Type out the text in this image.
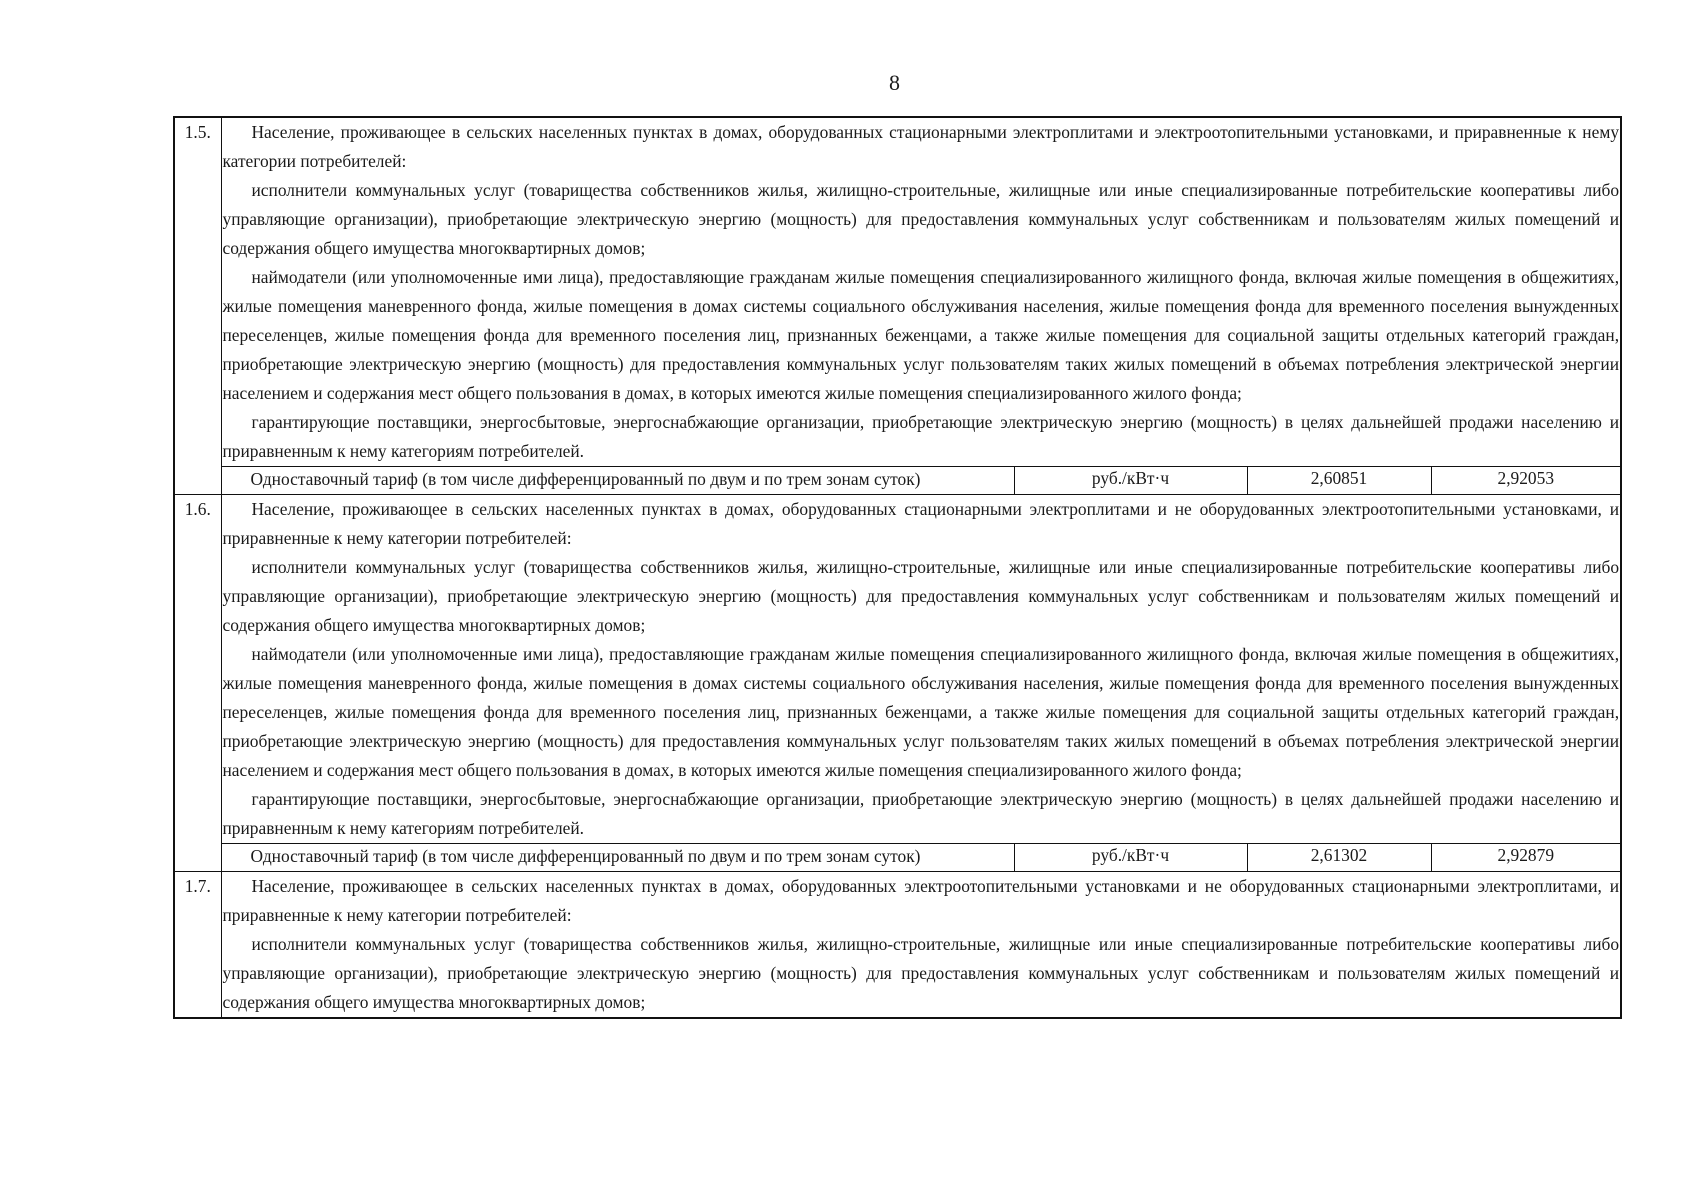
8
1.5.	Население, проживающее в сельских населенных пунктах в домах, оборудованных стационарными электроплитами и электроотопительными установками, и приравненные к нему категории потребителей:

исполнители коммунальных услуг (товарищества собственников жилья, жилищно-строительные, жилищные или иные специализированные потребительские кооперативы либо управляющие организации), приобретающие электрическую энергию (мощность) для предоставления коммунальных услуг собственникам и пользователям жилых помещений и содержания общего имущества многоквартирных домов;

наймодатели (или уполномоченные ими лица), предоставляющие гражданам жилые помещения специализированного жилищного фонда, включая жилые помещения в общежитиях, жилые помещения маневренного фонда, жилые помещения в домах системы социального обслуживания населения, жилые помещения фонда для временного поселения вынужденных переселенцев, жилые помещения фонда для временного поселения лиц, признанных беженцами, а также жилые помещения для социальной защиты отдельных категорий граждан, приобретающие электрическую энергию (мощность) для предоставления коммунальных услуг пользователям таких жилых помещений в объемах потребления электрической энергии населением и содержания мест общего пользования в домах, в которых имеются жилые помещения специализированного жилого фонда;

гарантирующие поставщики, энергосбытовые, энергоснабжающие организации, приобретающие электрическую энергию (мощность) в целях дальнейшей продажи населению и приравненным к нему категориям потребителей.			

	Одноставочный тариф (в том числе дифференцированный по двум и по трем зонам суток)	руб./кВт·ч	2,60851	2,92053
1.6.	Население, проживающее в сельских населенных пунктах в домах, оборудованных стационарными электроплитами и не оборудованных электроотопительными установками, и приравненные к нему категории потребителей:

исполнители коммунальных услуг (товарищества собственников жилья, жилищно-строительные, жилищные или иные специализированные потребительские кооперативы либо управляющие организации), приобретающие электрическую энергию (мощность) для предоставления коммунальных услуг собственникам и пользователям жилых помещений и содержания общего имущества многоквартирных домов;

наймодатели (или уполномоченные ими лица), предоставляющие гражданам жилые помещения специализированного жилищного фонда, включая жилые помещения в общежитиях, жилые помещения маневренного фонда, жилые помещения в домах системы социального обслуживания населения, жилые помещения фонда для временного поселения вынужденных переселенцев, жилые помещения фонда для временного поселения лиц, признанных беженцами, а также жилые помещения для социальной защиты отдельных категорий граждан, приобретающие электрическую энергию (мощность) для предоставления коммунальных услуг пользователям таких жилых помещений в объемах потребления электрической энергии населением и содержания мест общего пользования в домах, в которых имеются жилые помещения специализированного жилого фонда;

гарантирующие поставщики, энергосбытовые, энергоснабжающие организации, приобретающие электрическую энергию (мощность) в целях дальнейшей продажи населению и приравненным к нему категориям потребителей.			

	Одноставочный тариф (в том числе дифференцированный по двум и по трем зонам суток)	руб./кВт·ч	2,61302	2,92879
1.7.	Население, проживающее в сельских населенных пунктах в домах, оборудованных электроотопительными установками и не оборудованных стационарными электроплитами, и приравненные к нему категории потребителей:

исполнители коммунальных услуг (товарищества собственников жилья, жилищно-строительные, жилищные или иные специализированные потребительские кооперативы либо управляющие организации), приобретающие электрическую энергию (мощность) для предоставления коммунальных услуг собственникам и пользователям жилых помещений и содержания общего имущества многоквартирных домов;			
